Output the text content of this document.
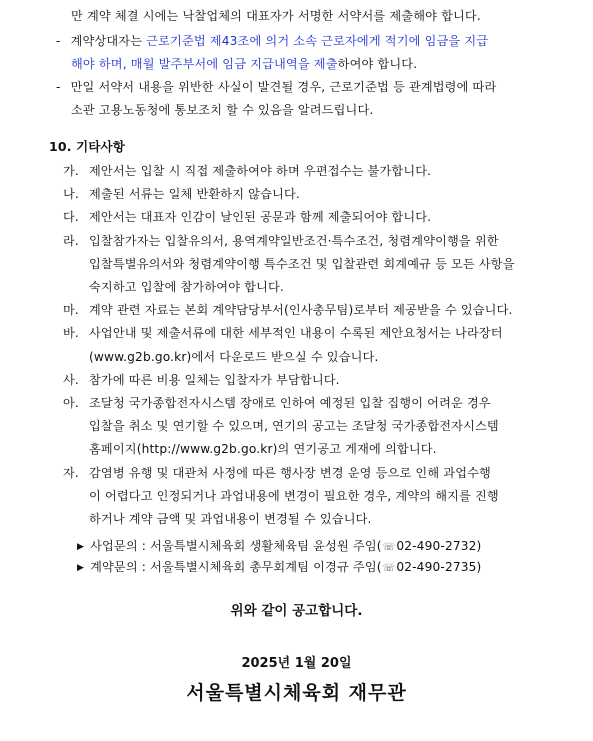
만 계약 체결 시에는 낙찰업체의 대표자가 서명한 서약서를 제출해야 합니다.
- 계약상대자는 근로기준법 제43조에 의거 소속 근로자에게 적기에 임금을 지급
해야 하며, 매월 발주부서에 임금 지급내역을 제출하여야 합니다.
- 만일 서약서 내용을 위반한 사실이 발견될 경우, 근로기준법 등 관계법령에 따라
소관 고용노동청에 통보조치 할 수 있음을 알려드립니다.
10. 기타사항
가. 제안서는 입찰 시 직접 제출하여야 하며 우편접수는 불가합니다.
나. 제출된 서류는 일체 반환하지 않습니다.
다. 제안서는 대표자 인감이 날인된 공문과 함께 제출되어야 합니다.
라. 입찰참가자는 입찰유의서, 용역계약일반조건·특수조건, 청렴계약이행을 위한
입찰특별유의서와 청렴계약이행 특수조건 및 입찰관련 회계예규 등 모든 사항을
숙지하고 입찰에 참가하여야 합니다.
마. 계약 관련 자료는 본회 계약담당부서(인사총무팀)로부터 제공받을 수 있습니다.
바. 사업안내 및 제출서류에 대한 세부적인 내용이 수록된 제안요청서는 나라장터
(www.g2b.go.kr)에서 다운로드 받으실 수 있습니다.
사. 참가에 따른 비용 일체는 입찰자가 부담합니다.
아. 조달청 국가종합전자시스템 장애로 인하여 예정된 입찰 집행이 어려운 경우
입찰을 취소 및 연기할 수 있으며, 연기의 공고는 조달청 국가종합전자시스템
홈페이지(http://www.g2b.go.kr)의 연기공고 게재에 의합니다.
자. 감염병 유행 및 대관처 사정에 따른 행사장 변경 운영 등으로 인해 과업수행
이 어렵다고 인정되거나 과업내용에 변경이 필요한 경우, 계약의 해지를 진행
하거나 계약 금액 및 과업내용이 변경될 수 있습니다.
▶ 사업문의 : 서울특별시체육회 생활체육팀 윤성원 주임(☏02-490-2732)
▶ 계약문의 : 서울특별시체육회 총무회계팀 이경규 주임(☏02-490-2735)
위와 같이 공고합니다.
2025년 1월 20일
서울특별시체육회 재무관
